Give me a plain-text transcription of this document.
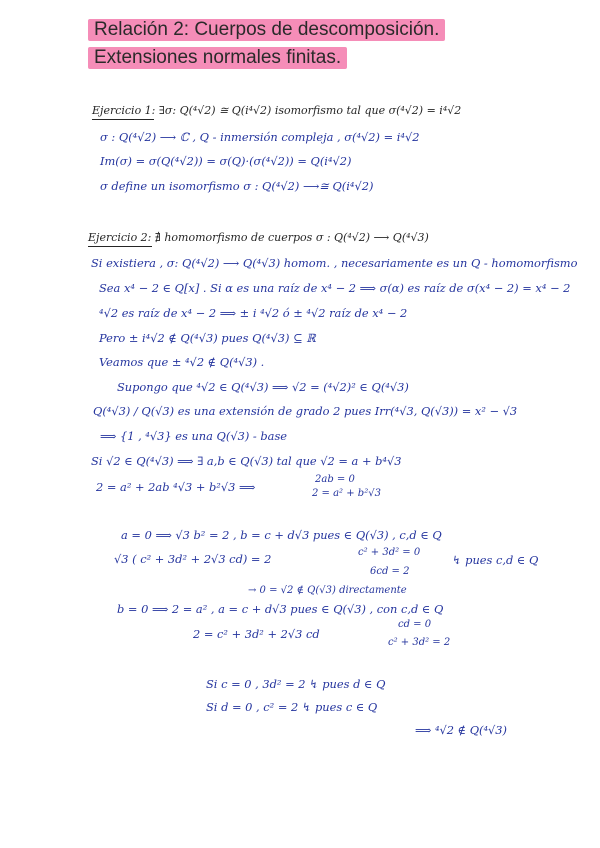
Relación 2: Cuerpos de descomposición.
Extensiones normales finitas.
Ejercicio 1: ∃σ: Q(⁴√2) ≅ Q(i⁴√2) isomorfismo tal que σ(⁴√2) = i⁴√2
σ : Q(⁴√2) ⟶ ℂ , Q - inmersión compleja , σ(⁴√2) = i⁴√2
Im(σ) = σ(Q(⁴√2)) = σ(Q)·(σ(⁴√2)) = Q(i⁴√2)
σ define un isomorfismo σ : Q(⁴√2) ⟶≅ Q(i⁴√2)
Ejercicio 2: ∄ homomorfismo de cuerpos σ : Q(⁴√2) ⟶ Q(⁴√3)
Si existiera , σ: Q(⁴√2) ⟶ Q(⁴√3) homom. , necesariamente es un Q - homomorfismo
Sea x⁴ − 2 ∈ Q[x] . Si α es una raíz de x⁴ − 2 ⟹ σ(α) es raíz de σ(x⁴ − 2) = x⁴ − 2
⁴√2 es raíz de x⁴ − 2 ⟹ ± i ⁴√2 ó ± ⁴√2 raíz de x⁴ − 2
Pero ± i⁴√2 ∉ Q(⁴√3) pues Q(⁴√3) ⊆ ℝ
Veamos que ± ⁴√2 ∉ Q(⁴√3) .
Supongo que ⁴√2 ∈ Q(⁴√3) ⟹ √2 = (⁴√2)² ∈ Q(⁴√3)
Q(⁴√3) / Q(√3) es una extensión de grado 2 pues Irr(⁴√3, Q(√3)) = x² − √3
⟹ {1 , ⁴√3} es una Q(√3) - base
Si √2 ∈ Q(⁴√3) ⟹ ∃ a,b ∈ Q(√3) tal que √2 = a + b⁴√3
2 = a² + 2ab ⁴√3 + b²√3 ⟹
2ab = 0
2 = a² + b²√3
a = 0 ⟹ √3 b² = 2 , b = c + d√3 pues ∈ Q(√3) , c,d ∈ Q
√3 ( c² + 3d² + 2√3 cd) = 2	c² + 3d² = 0
6cd = 2
↯ pues c,d ∈ Q
→ 0 = √2 ∉ Q(√3) directamente
b = 0 ⟹ 2 = a² , a = c + d√3 pues ∈ Q(√3) , con c,d ∈ Q
2 = c² + 3d² + 2√3 cd
cd = 0
c² + 3d² = 2
Si c = 0 , 3d² = 2 ↯ pues d ∈ Q
Si d = 0 , c² = 2 ↯ pues c ∈ Q
⟹ ⁴√2 ∉ Q(⁴√3)
